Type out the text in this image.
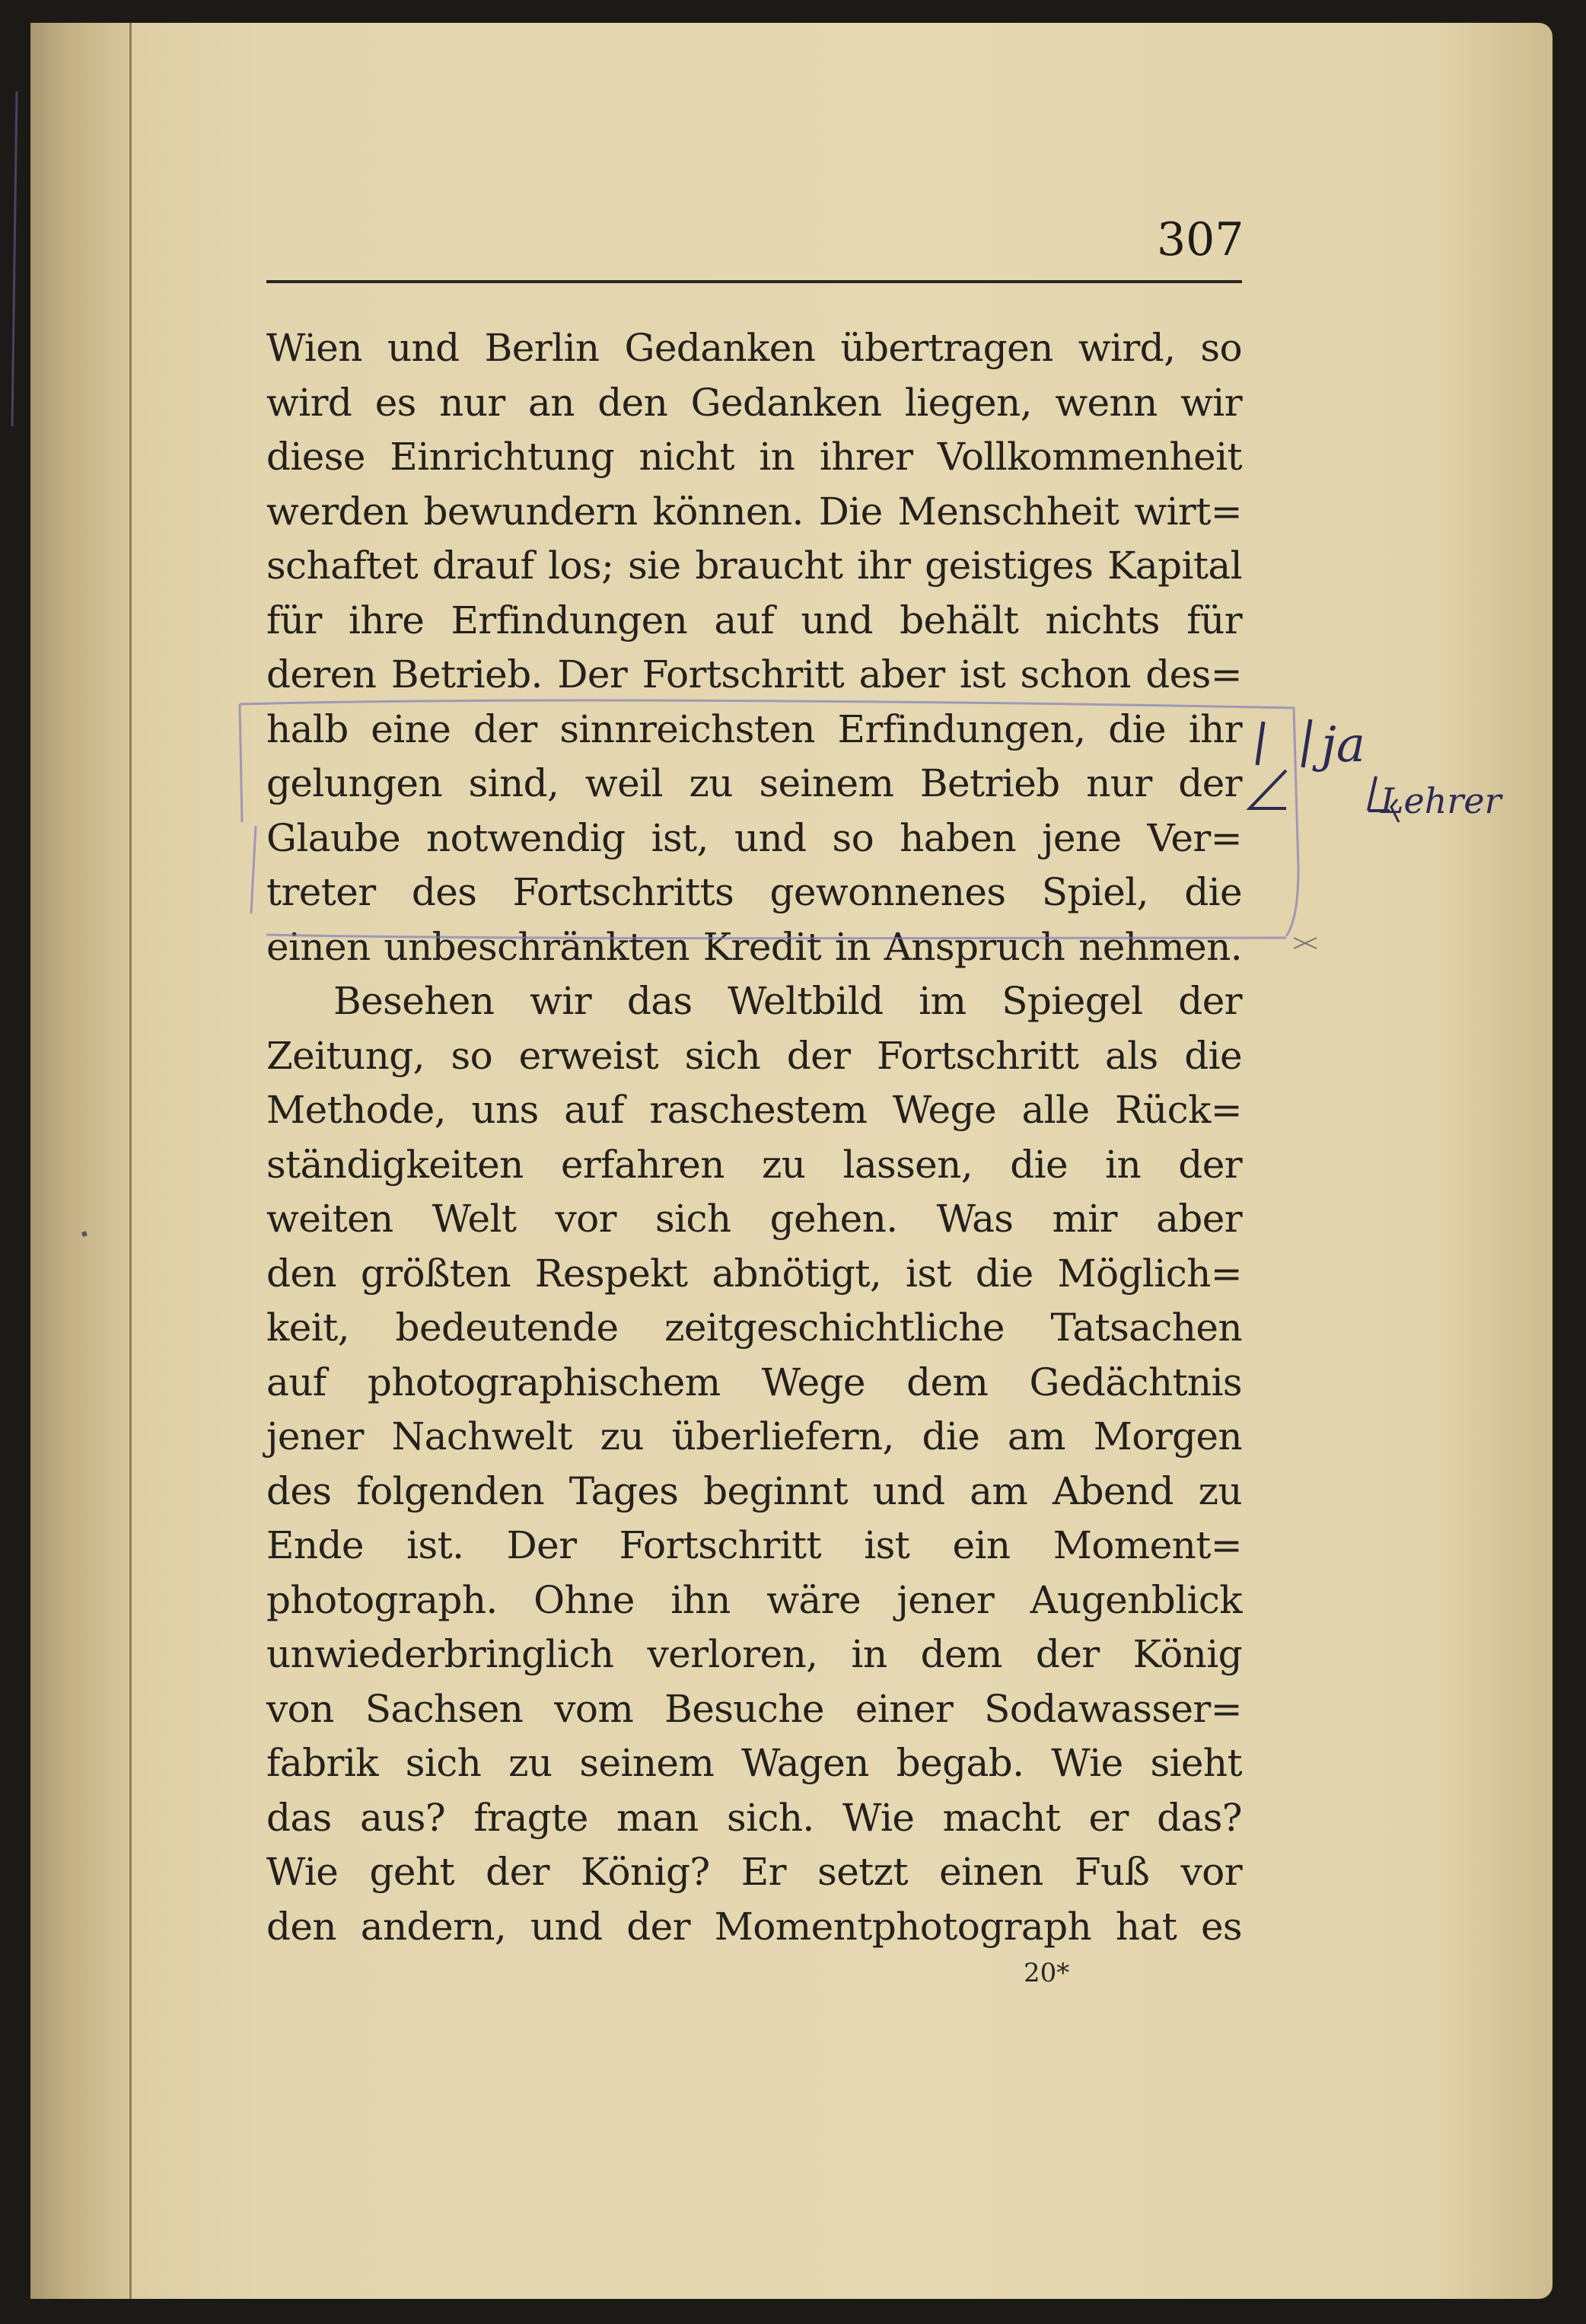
307
Wien und Berlin Gedanken übertragen wird, so
wird es nur an den Gedanken liegen, wenn wir
diese Einrichtung nicht in ihrer Vollkommenheit
werden bewundern können. Die Menschheit wirt=
schaftet drauf los; sie braucht ihr geistiges Kapital
für ihre Erfindungen auf und behält nichts für
deren Betrieb. Der Fortschritt aber ist schon des=
halb eine der sinnreichsten Erfindungen, die ihr
gelungen sind, weil zu seinem Betrieb nur der
Glaube notwendig ist, und so haben jene Ver=
treter des Fortschritts gewonnenes Spiel, die
einen unbeschränkten Kredit in Anspruch nehmen.
Besehen wir das Weltbild im Spiegel der
Zeitung, so erweist sich der Fortschritt als die
Methode, uns auf raschestem Wege alle Rück=
ständigkeiten erfahren zu lassen, die in der
weiten Welt vor sich gehen. Was mir aber
den größten Respekt abnötigt, ist die Möglich=
keit, bedeutende zeitgeschichtliche Tatsachen
auf photographischem Wege dem Gedächtnis
jener Nachwelt zu überliefern, die am Morgen
des folgenden Tages beginnt und am Abend zu
Ende ist. Der Fortschritt ist ein Moment=
photograph. Ohne ihn wäre jener Augenblick
unwiederbringlich verloren, in dem der König
von Sachsen vom Besuche einer Sodawasser=
fabrik sich zu seinem Wagen begab. Wie sieht
das aus? fragte man sich. Wie macht er das?
Wie geht der König? Er setzt einen Fuß vor
den andern, und der Momentphotograph hat es
20*
ja
Lehrer
